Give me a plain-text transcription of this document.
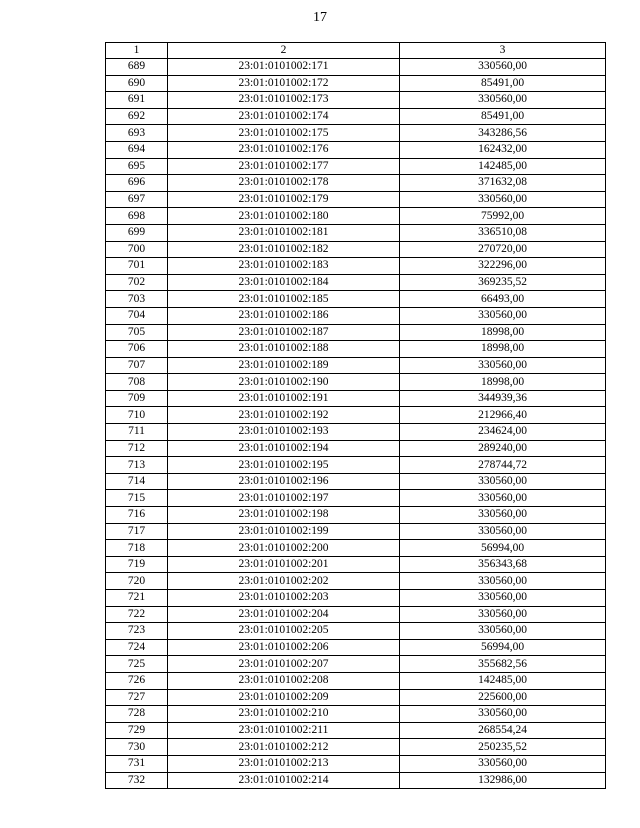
17
1	2	3
689	23:01:0101002:171	330560,00
690	23:01:0101002:172	85491,00
691	23:01:0101002:173	330560,00
692	23:01:0101002:174	85491,00
693	23:01:0101002:175	343286,56
694	23:01:0101002:176	162432,00
695	23:01:0101002:177	142485,00
696	23:01:0101002:178	371632,08
697	23:01:0101002:179	330560,00
698	23:01:0101002:180	75992,00
699	23:01:0101002:181	336510,08
700	23:01:0101002:182	270720,00
701	23:01:0101002:183	322296,00
702	23:01:0101002:184	369235,52
703	23:01:0101002:185	66493,00
704	23:01:0101002:186	330560,00
705	23:01:0101002:187	18998,00
706	23:01:0101002:188	18998,00
707	23:01:0101002:189	330560,00
708	23:01:0101002:190	18998,00
709	23:01:0101002:191	344939,36
710	23:01:0101002:192	212966,40
711	23:01:0101002:193	234624,00
712	23:01:0101002:194	289240,00
713	23:01:0101002:195	278744,72
714	23:01:0101002:196	330560,00
715	23:01:0101002:197	330560,00
716	23:01:0101002:198	330560,00
717	23:01:0101002:199	330560,00
718	23:01:0101002:200	56994,00
719	23:01:0101002:201	356343,68
720	23:01:0101002:202	330560,00
721	23:01:0101002:203	330560,00
722	23:01:0101002:204	330560,00
723	23:01:0101002:205	330560,00
724	23:01:0101002:206	56994,00
725	23:01:0101002:207	355682,56
726	23:01:0101002:208	142485,00
727	23:01:0101002:209	225600,00
728	23:01:0101002:210	330560,00
729	23:01:0101002:211	268554,24
730	23:01:0101002:212	250235,52
731	23:01:0101002:213	330560,00
732	23:01:0101002:214	132986,00
